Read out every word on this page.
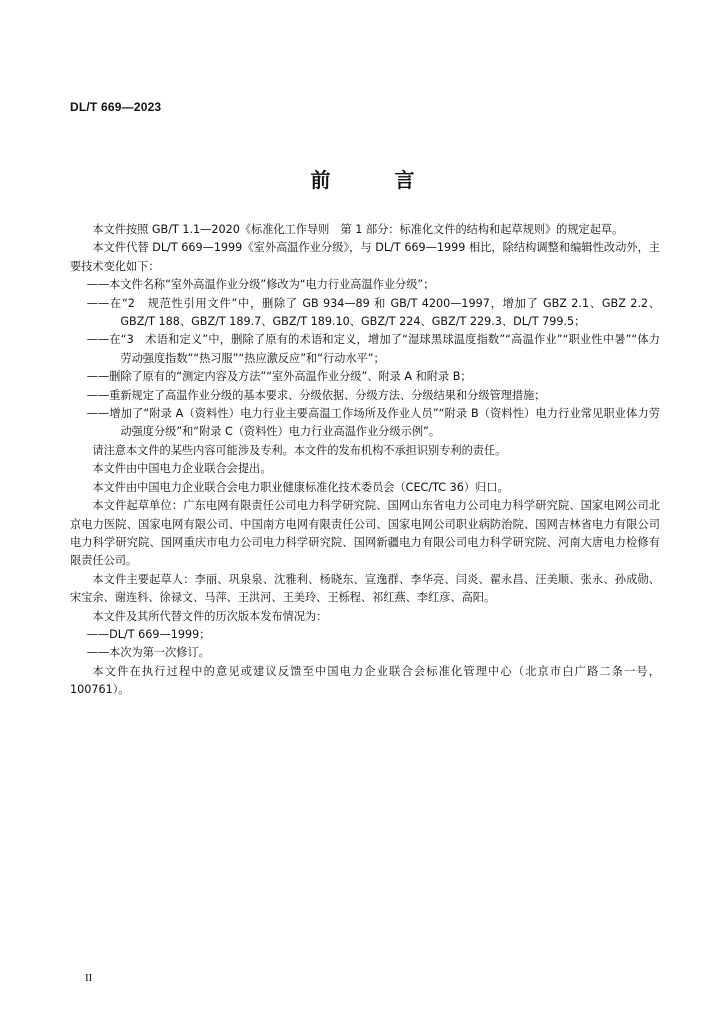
DL/T 669—2023
前　言

本文件按照 GB/T 1.1—2020《标准化工作导则　第 1 部分：标准化文件的结构和起草规则》的规定起草。

本文件代替 DL/T 669—1999《室外高温作业分级》，与 DL/T 669—1999 相比，除结构调整和编辑性改动外，主要技术变化如下：

——本文件名称“室外高温作业分级”修改为“电力行业高温作业分级”；

——在“2　规范性引用文件”中，删除了 GB 934—89 和 GB/T 4200—1997，增加了 GBZ 2.1、GBZ 2.2、GBZ/T 188、GBZ/T 189.7、GBZ/T 189.10、GBZ/T 224、GBZ/T 229.3、DL/T 799.5；

——在“3　术语和定义”中，删除了原有的术语和定义，增加了“湿球黑球温度指数”“高温作业”“职业性中暑”“体力劳动强度指数”“热习服”“热应激反应”和“行动水平”；

——删除了原有的“测定内容及方法”“室外高温作业分级”、附录 A 和附录 B；

——重新规定了高温作业分级的基本要求、分级依据、分级方法、分级结果和分级管理措施；

——增加了“附录 A（资料性）电力行业主要高温工作场所及作业人员”“附录 B（资料性）电力行业常见职业体力劳动强度分级”和“附录 C（资料性）电力行业高温作业分级示例”。

请注意本文件的某些内容可能涉及专利。本文件的发布机构不承担识别专利的责任。

本文件由中国电力企业联合会提出。

本文件由中国电力企业联合会电力职业健康标准化技术委员会（CEC/TC 36）归口。

本文件起草单位：广东电网有限责任公司电力科学研究院、国网山东省电力公司电力科学研究院、国家电网公司北京电力医院、国家电网有限公司、中国南方电网有限责任公司、国家电网公司职业病防治院、国网吉林省电力有限公司电力科学研究院、国网重庆市电力公司电力科学研究院、国网新疆电力有限公司电力科学研究院、河南大唐电力检修有限责任公司。

本文件主要起草人：李丽、巩泉泉、沈雅利、杨晓东、宣逸群、李华亮、闫炎、翟永昌、汪美顺、张永、孙成勋、宋宝余、谢连科、徐禄文、马萍、王洪河、王美玲、王栎程、祁红燕、李红彦、高阳。

本文件及其所代替文件的历次版本发布情况为：

——DL/T 669—1999；

——本次为第一次修订。

本文件在执行过程中的意见或建议反馈至中国电力企业联合会标准化管理中心（北京市白广路二条一号，100761）。

II
